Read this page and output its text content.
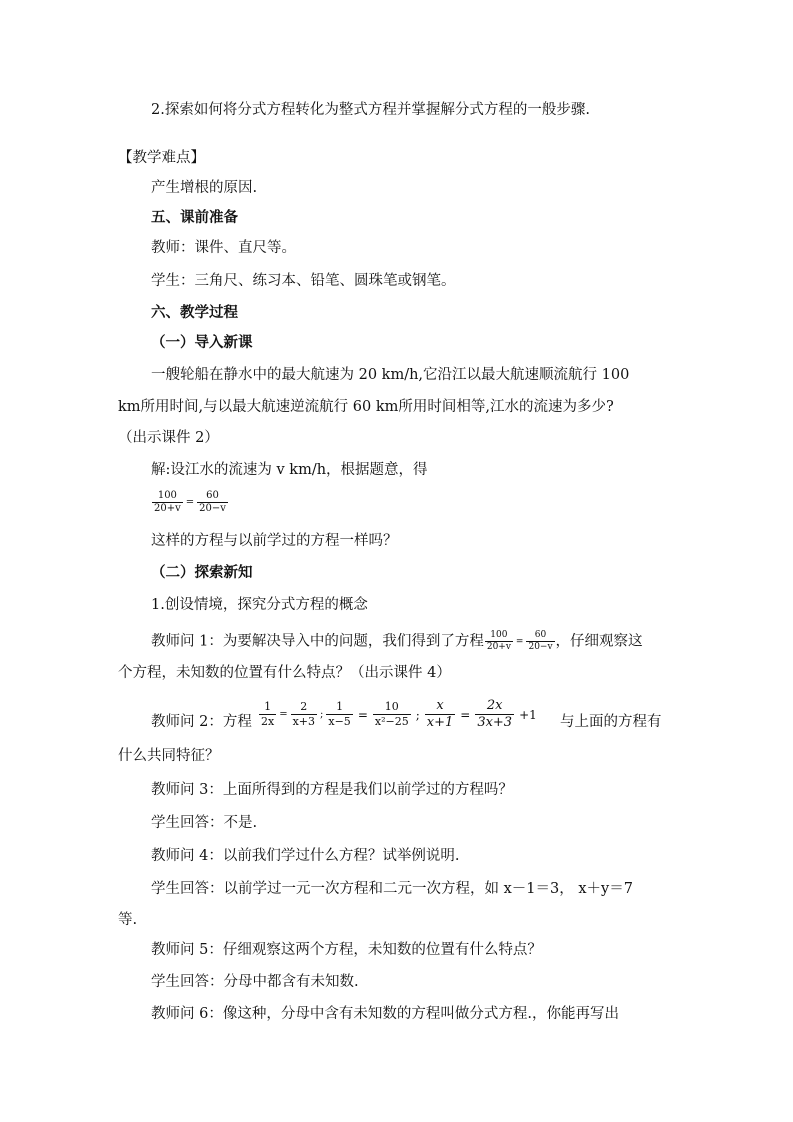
2.探索如何将分式方程转化为整式方程并掌握解分式方程的一般步骤.
【教学难点】
产生增根的原因.
五、课前准备
教师：课件、直尺等。
学生：三角尺、练习本、铅笔、圆珠笔或钢笔。
六、教学过程
（一）导入新课
一艘轮船在静水中的最大航速为 20 km/h,它沿江以最大航速顺流航行 100
km所用时间,与以最大航速逆流航行 60 km所用时间相等,江水的流速为多少?
（出示课件 2）
解:设江水的流速为 v km/h，根据题意，得
$\frac{100}{20+v} = \frac{60}{20-v}$
这样的方程与以前学过的方程一样吗？
（二）探索新知
1.创设情境，探究分式方程的概念
教师问 1：为要解决导入中的问题，我们得到了方程 $\frac{100}{20+v} = \frac{60}{20-v}$ ，仔细观察这
个方程，未知数的位置有什么特点？（出示课件 4）
教师问 2：方程 $\frac{1}{2x} = \frac{2}{x+3}$ ; $\frac{1}{x-5} = \frac{10}{\text{x²−25}}$ ; $\frac{x}{x+1} = \frac{2x}{3x+3} +1$ 与上面的方程有
什么共同特征？
教师问 3：上面所得到的方程是我们以前学过的方程吗？
学生回答：不是.
教师问 4：以前我们学过什么方程？试举例说明.
学生回答：以前学过一元一次方程和二元一次方程，如 x－1＝3， x＋y＝7
等.
教师问 5：仔细观察这两个方程，未知数的位置有什么特点？
学生回答：分母中都含有未知数.
教师问 6：像这种，分母中含有未知数的方程叫做分式方程.，你能再写出
